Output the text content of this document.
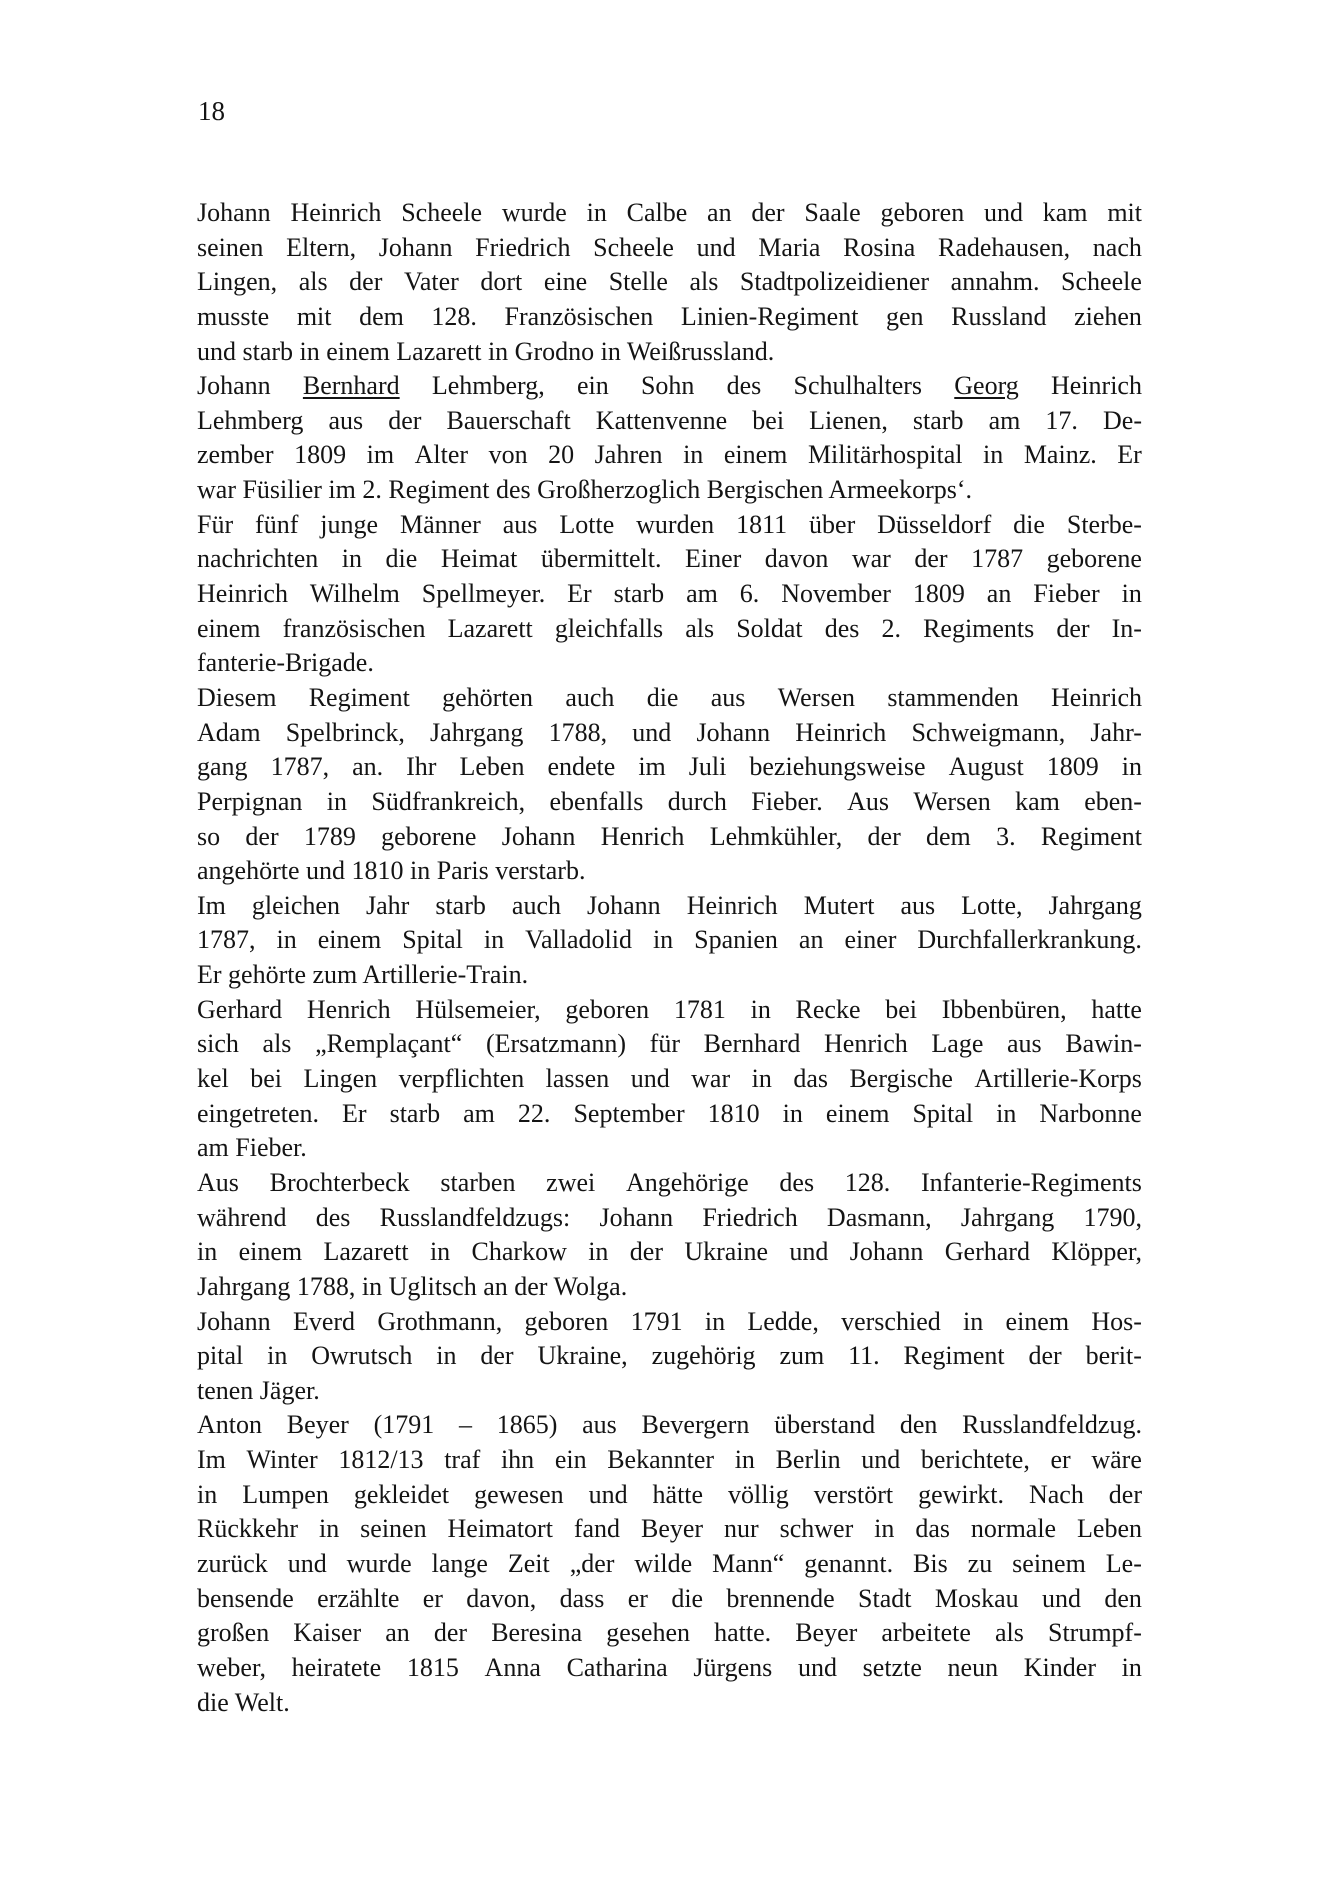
18
Johann Heinrich Scheele wurde in Calbe an der Saale geboren und kam mit
seinen Eltern, Johann Friedrich Scheele und Maria Rosina Radehausen, nach
Lingen, als der Vater dort eine Stelle als Stadtpolizeidiener annahm. Scheele
musste mit dem 128. Französischen Linien-Regiment gen Russland ziehen
und starb in einem Lazarett in Grodno in Weißrussland.
Johann Bernhard Lehmberg, ein Sohn des Schulhalters Georg Heinrich
Lehmberg aus der Bauerschaft Kattenvenne bei Lienen, starb am 17. De-
zember 1809 im Alter von 20 Jahren in einem Militärhospital in Mainz. Er
war Füsilier im 2. Regiment des Großherzoglich Bergischen Armeekorps‘.
Für fünf junge Männer aus Lotte wurden 1811 über Düsseldorf die Sterbe-
nachrichten in die Heimat übermittelt. Einer davon war der 1787 geborene
Heinrich Wilhelm Spellmeyer. Er starb am 6. November 1809 an Fieber in
einem französischen Lazarett gleichfalls als Soldat des 2. Regiments der In-
fanterie-Brigade.
Diesem Regiment gehörten auch die aus Wersen stammenden Heinrich
Adam Spelbrinck, Jahrgang 1788, und Johann Heinrich Schweigmann, Jahr-
gang 1787, an. Ihr Leben endete im Juli beziehungsweise August 1809 in
Perpignan in Südfrankreich, ebenfalls durch Fieber. Aus Wersen kam eben-
so der 1789 geborene Johann Henrich Lehmkühler, der dem 3. Regiment
angehörte und 1810 in Paris verstarb.
Im gleichen Jahr starb auch Johann Heinrich Mutert aus Lotte, Jahrgang
1787, in einem Spital in Valladolid in Spanien an einer Durchfallerkrankung.
Er gehörte zum Artillerie-Train.
Gerhard Henrich Hülsemeier, geboren 1781 in Recke bei Ibbenbüren, hatte
sich als „Remplaçant“ (Ersatzmann) für Bernhard Henrich Lage aus Bawin-
kel bei Lingen verpflichten lassen und war in das Bergische Artillerie-Korps
eingetreten. Er starb am 22. September 1810 in einem Spital in Narbonne
am Fieber.
Aus Brochterbeck starben zwei Angehörige des 128. Infanterie-Regiments
während des Russlandfeldzugs: Johann Friedrich Dasmann, Jahrgang 1790,
in einem Lazarett in Charkow in der Ukraine und Johann Gerhard Klöpper,
Jahrgang 1788, in Uglitsch an der Wolga.
Johann Everd Grothmann, geboren 1791 in Ledde, verschied in einem Hos-
pital in Owrutsch in der Ukraine, zugehörig zum 11. Regiment der berit-
tenen Jäger.
Anton Beyer (1791 – 1865) aus Bevergern überstand den Russlandfeldzug.
Im Winter 1812/13 traf ihn ein Bekannter in Berlin und berichtete, er wäre
in Lumpen gekleidet gewesen und hätte völlig verstört gewirkt. Nach der
Rückkehr in seinen Heimatort fand Beyer nur schwer in das normale Leben
zurück und wurde lange Zeit „der wilde Mann“ genannt. Bis zu seinem Le-
bensende erzählte er davon, dass er die brennende Stadt Moskau und den
großen Kaiser an der Beresina gesehen hatte. Beyer arbeitete als Strumpf-
weber, heiratete 1815 Anna Catharina Jürgens und setzte neun Kinder in
die Welt.
